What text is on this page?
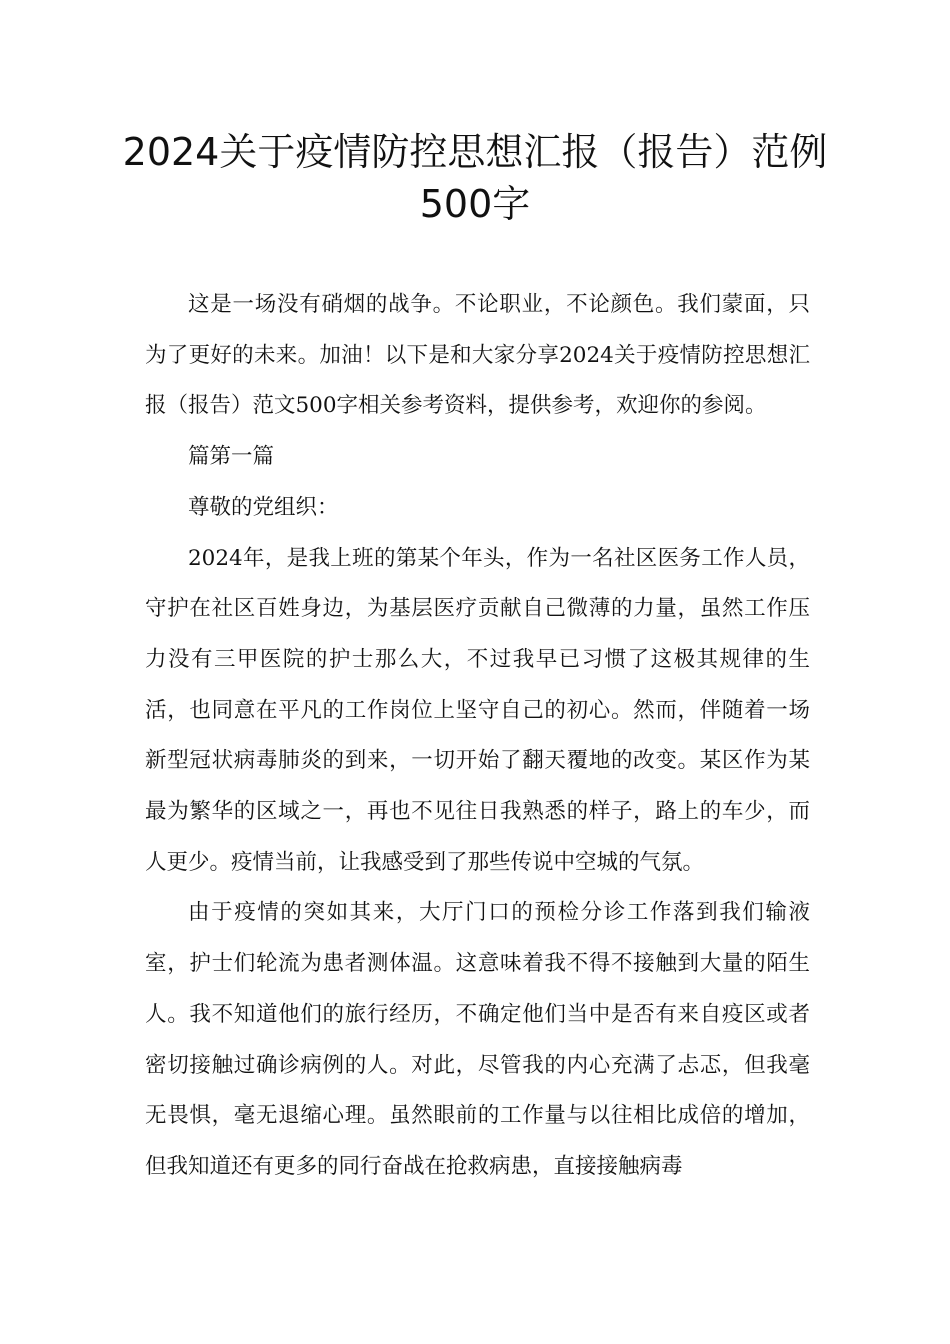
2024关于疫情防控思想汇报（报告）范例500字

这是一场没有硝烟的战争。不论职业，不论颜色。我们蒙面，只为了更好的未来。加油！以下是和大家分享2024关于疫情防控思想汇报（报告）范文500字相关参考资料，提供参考，欢迎你的参阅。

篇第一篇

尊敬的党组织：

2024年，是我上班的第某个年头，作为一名社区医务工作人员，守护在社区百姓身边，为基层医疗贡献自己微薄的力量，虽然工作压力没有三甲医院的护士那么大，不过我早已习惯了这极其规律的生活，也同意在平凡的工作岗位上坚守自己的初心。然而，伴随着一场新型冠状病毒肺炎的到来，一切开始了翻天覆地的改变。某区作为某最为繁华的区域之一，再也不见往日我熟悉的样子，路上的车少，而人更少。疫情当前，让我感受到了那些传说中空城的气氛。

由于疫情的突如其来，大厅门口的预检分诊工作落到我们输液室，护士们轮流为患者测体温。这意味着我不得不接触到大量的陌生人。我不知道他们的旅行经历，不确定他们当中是否有来自疫区或者密切接触过确诊病例的人。对此，尽管我的内心充满了忐忑，但我毫无畏惧，毫无退缩心理。虽然眼前的工作量与以往相比成倍的增加，但我知道还有更多的同行奋战在抢救病患，直接接触病毒
